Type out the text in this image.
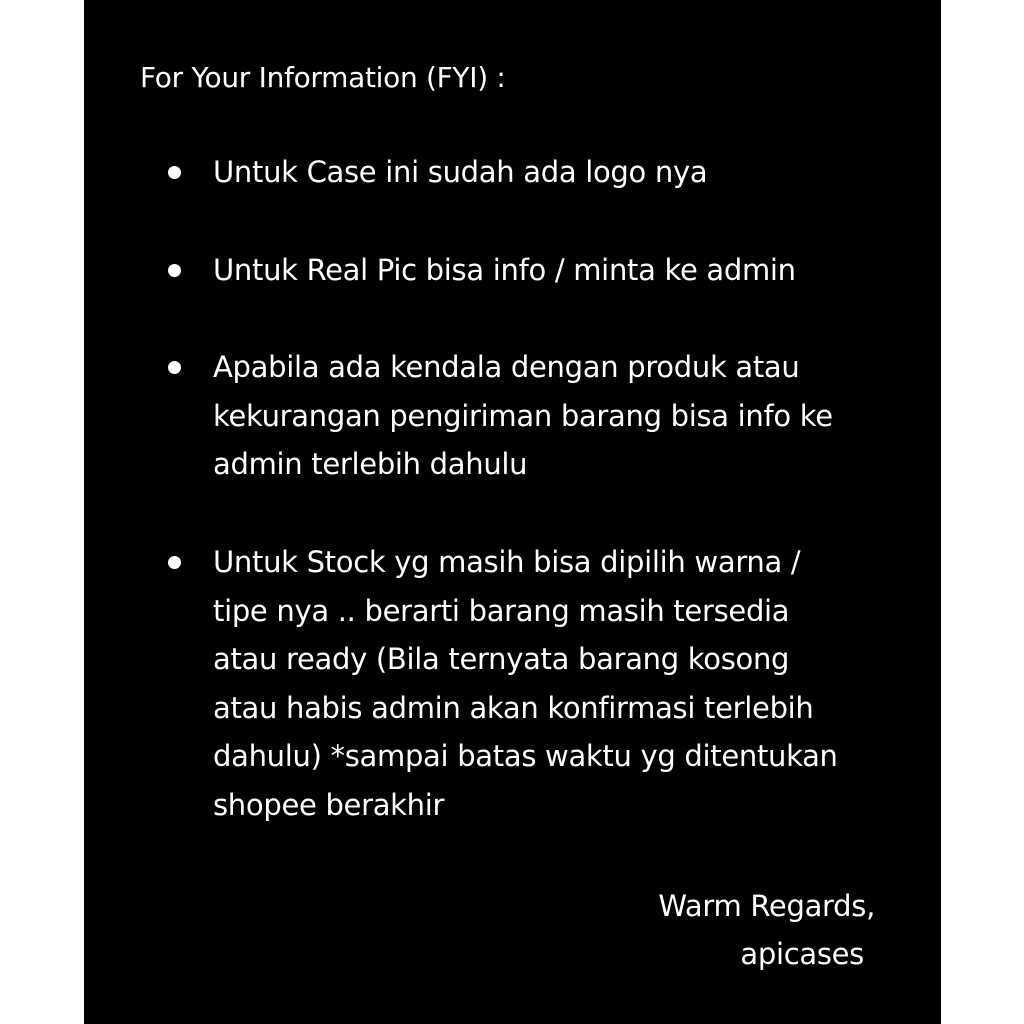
For Your Information (FYI) :

Untuk Case ini sudah ada logo nya

Untuk Real Pic bisa info / minta ke admin

Apabila ada kendala dengan produk atau
kekurangan pengiriman barang bisa info ke
admin terlebih dahulu

Untuk Stock yg masih bisa dipilih warna /
tipe nya .. berarti barang masih tersedia
atau ready (Bila ternyata barang kosong
atau habis admin akan konfirmasi terlebih
dahulu) *sampai batas waktu yg ditentukan
shopee berakhir

Warm Regards,
apicases
